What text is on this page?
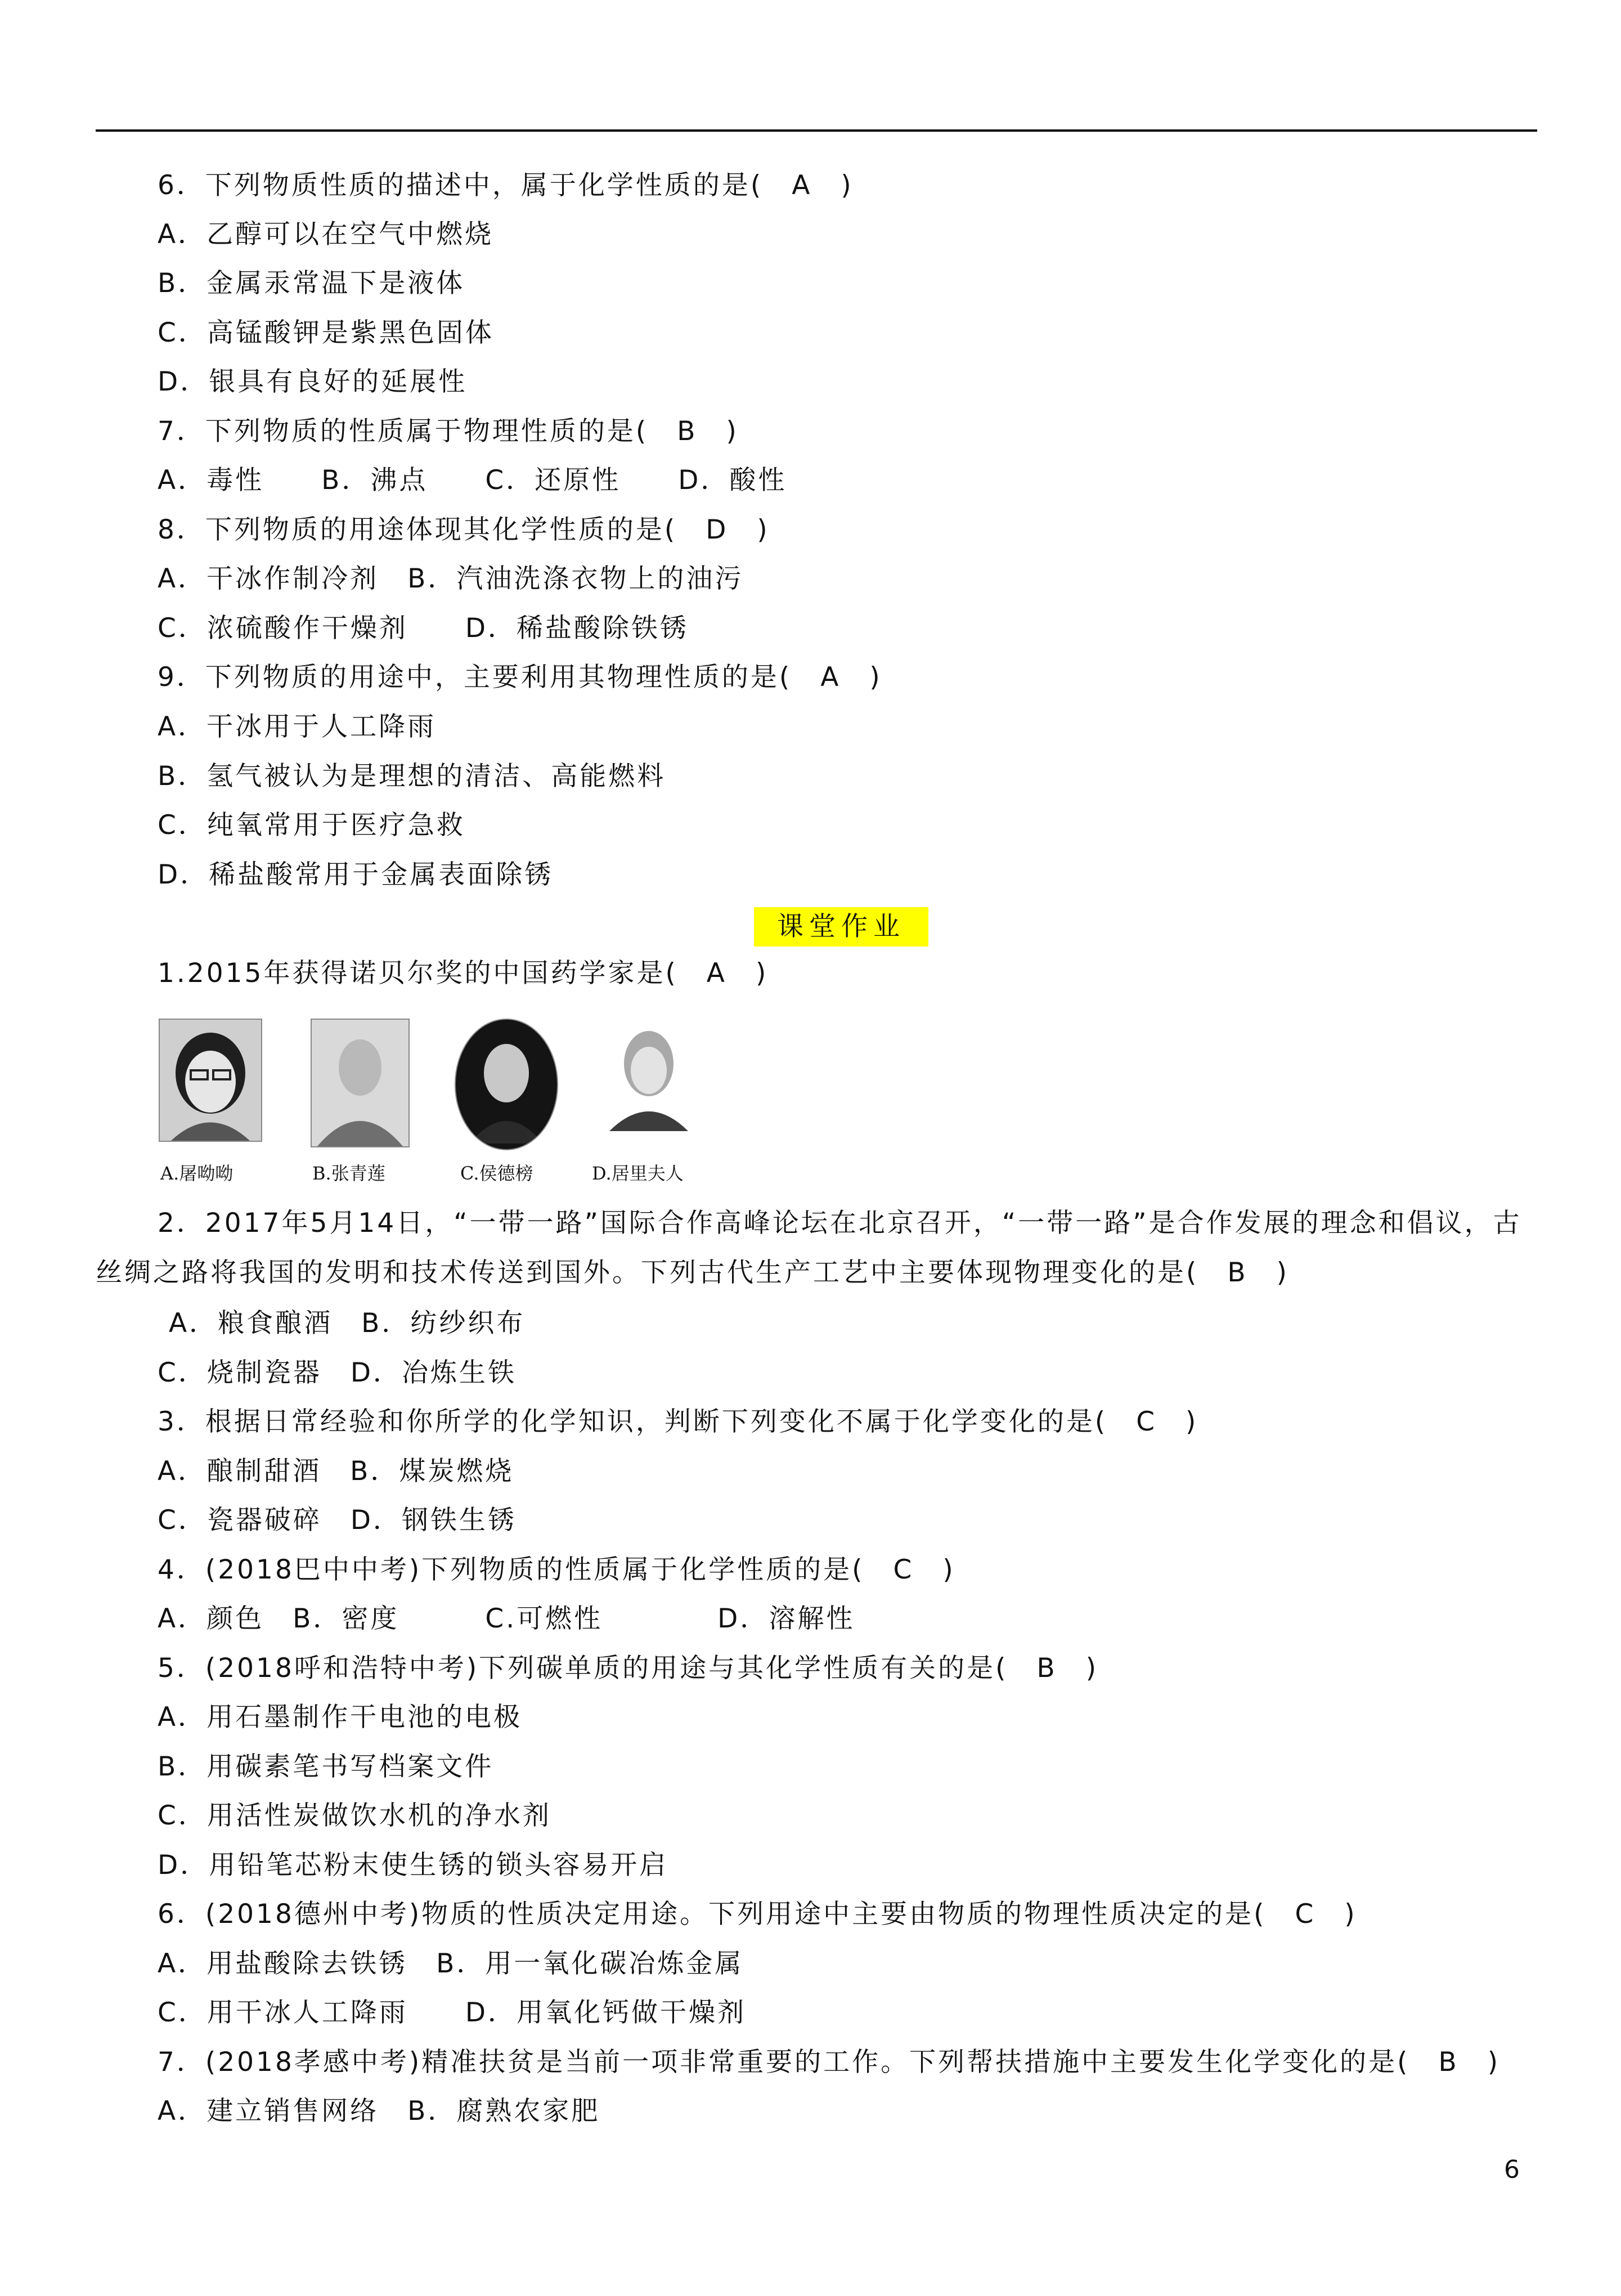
6．下列物质性质的描述中，属于化学性质的是(　A　)
A．乙醇可以在空气中燃烧
B．金属汞常温下是液体
C．高锰酸钾是紫黑色固体
D．银具有良好的延展性
7．下列物质的性质属于物理性质的是(　B　)
A．毒性　　B．沸点　　C．还原性　　D．酸性
8．下列物质的用途体现其化学性质的是(　D　)
A．干冰作制冷剂　B．汽油洗涤衣物上的油污
C．浓硫酸作干燥剂　　D．稀盐酸除铁锈
9．下列物质的用途中，主要利用其物理性质的是(　A　)
A．干冰用于人工降雨
B．氢气被认为是理想的清洁、高能燃料
C．纯氧常用于医疗急救
D．稀盐酸常用于金属表面除锈
课堂作业
1.2015年获得诺贝尔奖的中国药学家是(　A　)
A.屠呦呦	B.张青莲	C.侯德榜	D.居里夫人
2．2017年5月14日，“一带一路”国际合作高峰论坛在北京召开，“一带一路”是合作发展的理念和倡议，古丝绸之路将我国的发明和技术传送到国外。下列古代生产工艺中主要体现物理变化的是(　B　)
A．粮食酿酒　B．纺纱织布
C．烧制瓷器　D．冶炼生铁
3．根据日常经验和你所学的化学知识，判断下列变化不属于化学变化的是(　C　)
A．酿制甜酒　B．煤炭燃烧
C．瓷器破碎　D．钢铁生锈
4．(2018巴中中考)下列物质的性质属于化学性质的是(　C　)
A．颜色　B．密度　　　C.可燃性　　　　D．溶解性
5．(2018呼和浩特中考)下列碳单质的用途与其化学性质有关的是(　B　)
A．用石墨制作干电池的电极
B．用碳素笔书写档案文件
C．用活性炭做饮水机的净水剂
D．用铅笔芯粉末使生锈的锁头容易开启
6．(2018德州中考)物质的性质决定用途。下列用途中主要由物质的物理性质决定的是(　C　)
A．用盐酸除去铁锈　B．用一氧化碳冶炼金属
C．用干冰人工降雨　　D．用氧化钙做干燥剂
7．(2018孝感中考)精准扶贫是当前一项非常重要的工作。下列帮扶措施中主要发生化学变化的是(　B　)
A．建立销售网络　B．腐熟农家肥
6
